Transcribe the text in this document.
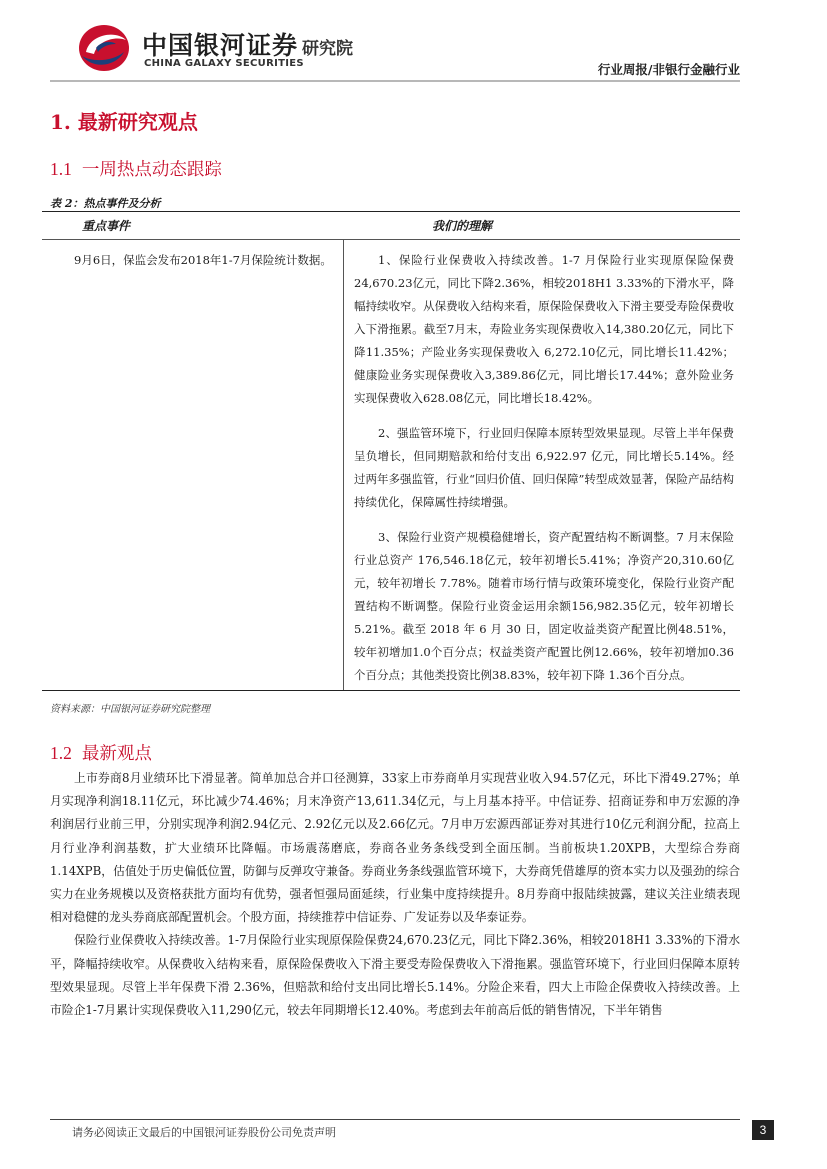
中国银河证券
CHINA GALAXY SECURITIES
研究院
行业周报/非银行金融行业
1. 最新研究观点
1.1 一周热点动态跟踪
表 2：热点事件及分析
重点事件	我们的理解
9月6日，保监会发布2018年1-7月保险统计数据。	1、保险行业保费收入持续改善。1-7 月保险行业实现原保险保费24,670.23亿元，同比下降2.36%，相较2018H1 3.33%的下滑水平，降幅持续收窄。从保费收入结构来看，原保险保费收入下滑主要受寿险保费收入下滑拖累。截至7月末，寿险业务实现保费收入14,380.20亿元，同比下降11.35%；产险业务实现保费收入 6,272.10亿元，同比增长11.42%；健康险业务实现保费收入3,389.86亿元，同比增长17.44%；意外险业务实现保费收入628.08亿元，同比增长18.42%。

2、强监管环境下，行业回归保障本原转型效果显现。尽管上半年保费呈负增长，但同期赔款和给付支出 6,922.97 亿元，同比增长5.14%。经过两年多强监管，行业“回归价值、回归保障”转型成效显著，保险产品结构持续优化，保障属性持续增强。

3、保险行业资产规模稳健增长，资产配置结构不断调整。7 月末保险行业总资产 176,546.18亿元，较年初增长5.41%；净资产20,310.60亿元，较年初增长 7.78%。随着市场行情与政策环境变化，保险行业资产配置结构不断调整。保险行业资金运用余额156,982.35亿元，较年初增长5.21%。截至 2018 年 6 月 30 日，固定收益类资产配置比例48.51%，较年初增加1.0个百分点；权益类资产配置比例12.66%，较年初增加0.36个百分点；其他类投资比例38.83%，较年初下降 1.36个百分点。

资料来源：中国银河证券研究院整理
1.2 最新观点

上市券商8月业绩环比下滑显著。简单加总合并口径测算，33家上市券商单月实现营业收入94.57亿元，环比下滑49.27%；单月实现净利润18.11亿元，环比减少74.46%；月末净资产13,611.34亿元，与上月基本持平。中信证券、招商证券和申万宏源的净利润居行业前三甲，分别实现净利润2.94亿元、2.92亿元以及2.66亿元。7月申万宏源西部证券对其进行10亿元利润分配，拉高上月行业净利润基数，扩大业绩环比降幅。市场震荡磨底，券商各业务条线受到全面压制。当前板块1.20XPB，大型综合券商1.14XPB，估值处于历史偏低位置，防御与反弹攻守兼备。券商业务条线强监管环境下，大券商凭借雄厚的资本实力以及强劲的综合实力在业务规模以及资格获批方面均有优势，强者恒强局面延续，行业集中度持续提升。8月券商中报陆续披露，建议关注业绩表现相对稳健的龙头券商底部配置机会。个股方面，持续推荐中信证券、广发证券以及华泰证券。

保险行业保费收入持续改善。1-7月保险行业实现原保险保费24,670.23亿元，同比下降2.36%，相较2018H1 3.33%的下滑水平，降幅持续收窄。从保费收入结构来看，原保险保费收入下滑主要受寿险保费收入下滑拖累。强监管环境下，行业回归保障本原转型效果显现。尽管上半年保费下滑 2.36%，但赔款和给付支出同比增长5.14%。分险企来看，四大上市险企保费收入持续改善。上市险企1-7月累计实现保费收入11,290亿元，较去年同期增长12.40%。考虑到去年前高后低的销售情况，下半年销售

请务必阅读正文最后的中国银河证券股份公司免责声明	3
